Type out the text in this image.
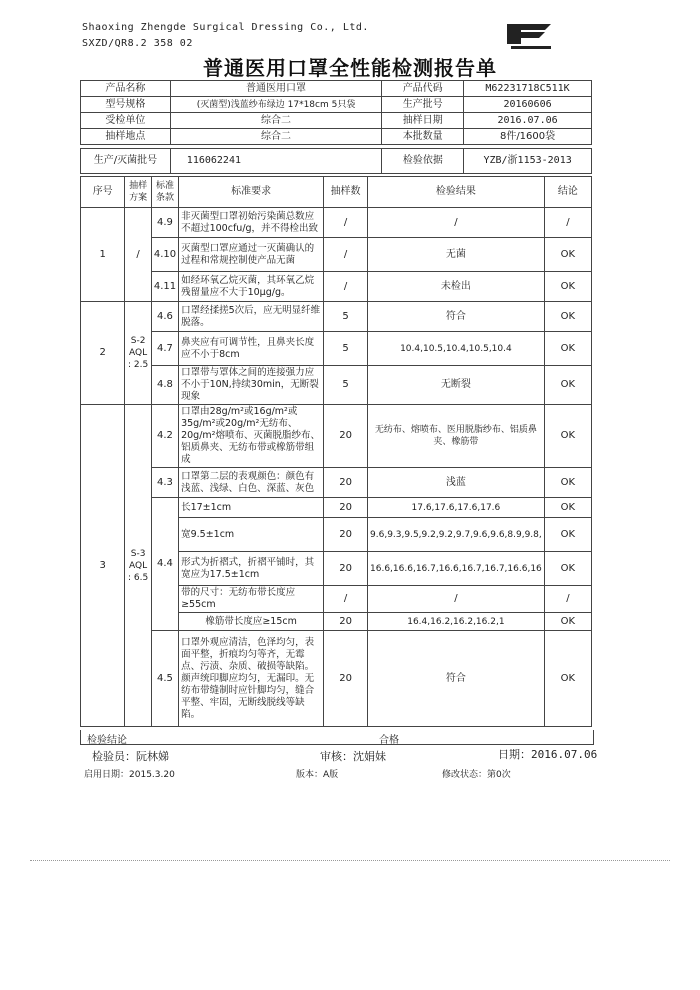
Shaoxing Zhengde Surgical Dressing Co., Ltd.
SXZD/QR8.2 358 02
普通医用口罩全性能检测报告单
产品名称	普通医用口罩	产品代码	M62231718C511K
型号规格	(灭菌型)浅蓝纱布绿边 17*18cm 5只袋	生产批号	20160606
受检单位	综合二	抽样日期	2016.07.06
抽样地点	综合二	本批数量	8件/1600袋
生产/灭菌批号	116062241	检验依据	YZB/浙1153-2013
序号	抽样方案	标准条款	标准要求	抽样数	检验结果	结论
1	/	4.9	非灭菌型口罩初始污染菌总数应不超过100cfu/g，并不得检出致	/	/	/
		4.10	灭菌型口罩应通过一灭菌确认的过程和常规控制使产品无菌	/	无菌	OK
		4.11	如经环氧乙烷灭菌，其环氧乙烷残留量应不大于10μg/g。	/	未检出	OK
2	S-2 AQL : 2.5	4.6	口罩经揉搓5次后，应无明显纤维脱落。	5	符合	OK
		4.7	鼻夹应有可调节性，且鼻夹长度应不小于8cm	5	10.4,10.5,10.4,10.5,10.4	OK
		4.8	口罩带与罩体之间的连接强力应不小于10N,持续30min，无断裂现象	5	无断裂	OK
3	S-3 AQL : 6.5	4.2	口罩由28g/m²或16g/m²或35g/m²或20g/m²无纺布、20g/m²熔喷布、灭菌脱脂纱布、铝质鼻夹、无纺布带或橡筋带组成	20	无纺布、熔喷布、医用脱脂纱布、铝质鼻夹、橡筋带	OK
		4.3	口罩第二层的表观颜色：颜色有浅蓝、浅绿、白色、深蓝、灰色	20	浅蓝	OK
		4.4	长17±1cm	20	17.6,17.6,17.6,17.6	OK
			宽9.5±1cm	20	9.6,9.3,9.5,9.2,9.2,9.7,9.6,9.6,8.9,9.8,	OK
			形式为折褶式，折褶平铺时，其宽应为17.5±1cm	20	16.6,16.6,16.7,16.6,16.7,16.7,16.6,16	OK
			带的尺寸：无纺布带长度应≥55cm	/	/	/
			橡筋带长度应≥15cm	20	16.4,16.2,16.2,16.2,1	OK
		4.5	口罩外观应清洁，色泽均匀，表面平整，折痕均匀等齐，无霉点、污渍、杂质、破损等缺陷。颜声统印脚应均匀，无漏印。无纺布带缝制时应针脚均匀，缝合平整、牢固，无断线脱线等缺陷。	20	符合	OK
检验结论	合格
检验员：阮林娣	审核：沈娟妹	日期：2016.07.06
启用日期：2015.3.20	版本：A版	修改状态：第0次
